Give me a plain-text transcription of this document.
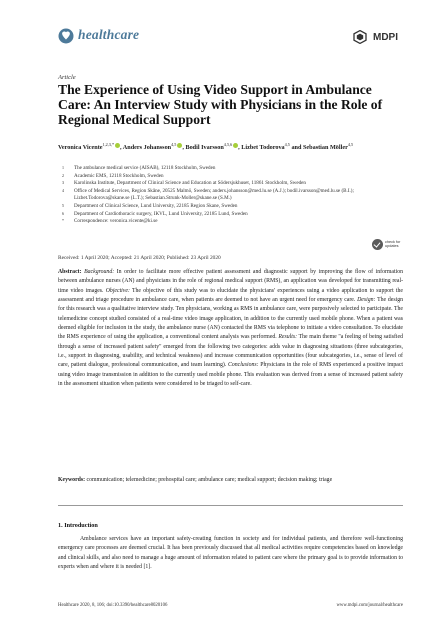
healthcare	MDPI
Article
The Experience of Using Video Support in Ambulance Care: An Interview Study with Physicians in the Role of Regional Medical Support
Veronica Vicente$^{1,2,3,*}$ , Anders Johansson$^{4,5}$ , Bodil Ivarsson$^{4,5,6}$ , Lizbet Todorova$^{4,5}$ and Sebastian Möller$^{4,5}$
1 The ambulance medical service (AISAB), 12118 Stockholm, Sweden
2 Academic EMS, 12118 Stockholm, Sweden
3 Karolinska Institute, Department of Clinical Science and Education at Södersjukhuset, 11861 Stockholm, Sweden
4 Office of Medical Services, Region Skåne, 20525 Malmö, Sweden; anders.johansson@med.lu.se (A.J.); bodil.ivarsson@med.lu.se (B.I.); Lizbet.Todorova@skane.se (L.T.); Sebastian.Strunk-Moller@skane.se (S.M.)
5 Department of Clinical Science, Lund University, 22185 Region Skane, Sweden
6 Department of Cardiothoracic surgery, IKVL, Lund University, 22185 Lund, Sweden
* Correspondence: veronica.vicente@ki.se
check for
updates
Received: 1 April 2020; Accepted: 21 April 2020; Published: 23 April 2020

Abstract: Background: In order to facilitate more effective patient assessment and diagnostic support by improving the flow of information between ambulance nurses (AN) and physicians in the role of regional medical support (RMS), an application was developed for transmitting real-time video images. Objective: The objective of this study was to elucidate the physicians' experiences using a video application to support the assessment and triage procedure in ambulance care, when patients are deemed to not have an urgent need for emergency care. Design: The design for this research was a qualitative interview study. Ten physicians, working as RMS in ambulance care, were purposively selected to participate. The telemedicine concept studied consisted of a real-time video image application, in addition to the currently used mobile phone. When a patient was deemed eligible for inclusion in the study, the ambulance nurse (AN) contacted the RMS via telephone to initiate a video consultation. To elucidate the RMS experience of using the application, a conventional content analysis was performed. Results: The main theme "a feeling of being satisfied through a sense of increased patient safety" emerged from the following two categories: adds value in diagnosing situations (three subcategories, i.e., support in diagnosing, usability, and technical weakness) and increase communication opportunities (four subcategories, i.e., sense of level of care, patient dialogue, professional communication, and team learning). Conclusions: Physicians in the role of RMS experienced a positive impact using video image transmission in addition to the currently used mobile phone. This evaluation was derived from a sense of increased patient safety in the assessment situation when patients were considered to be triaged to self-care.

Keywords: communication; telemedicine; prehospital care; ambulance care; medical support; decision making; triage

1. Introduction

Ambulance services have an important safety-creating function in society and for individual patients, and therefore well-functioning emergency care processes are deemed crucial. It has been previously discussed that all medical activities require competencies based on knowledge and clinical skills, and also need to manage a huge amount of information related to patient care where the primary goal is to provide information to experts when and where it is needed [1].

Healthcare 2020, 8, 106; doi:10.3390/healthcare8020106	www.mdpi.com/journal/healthcare
